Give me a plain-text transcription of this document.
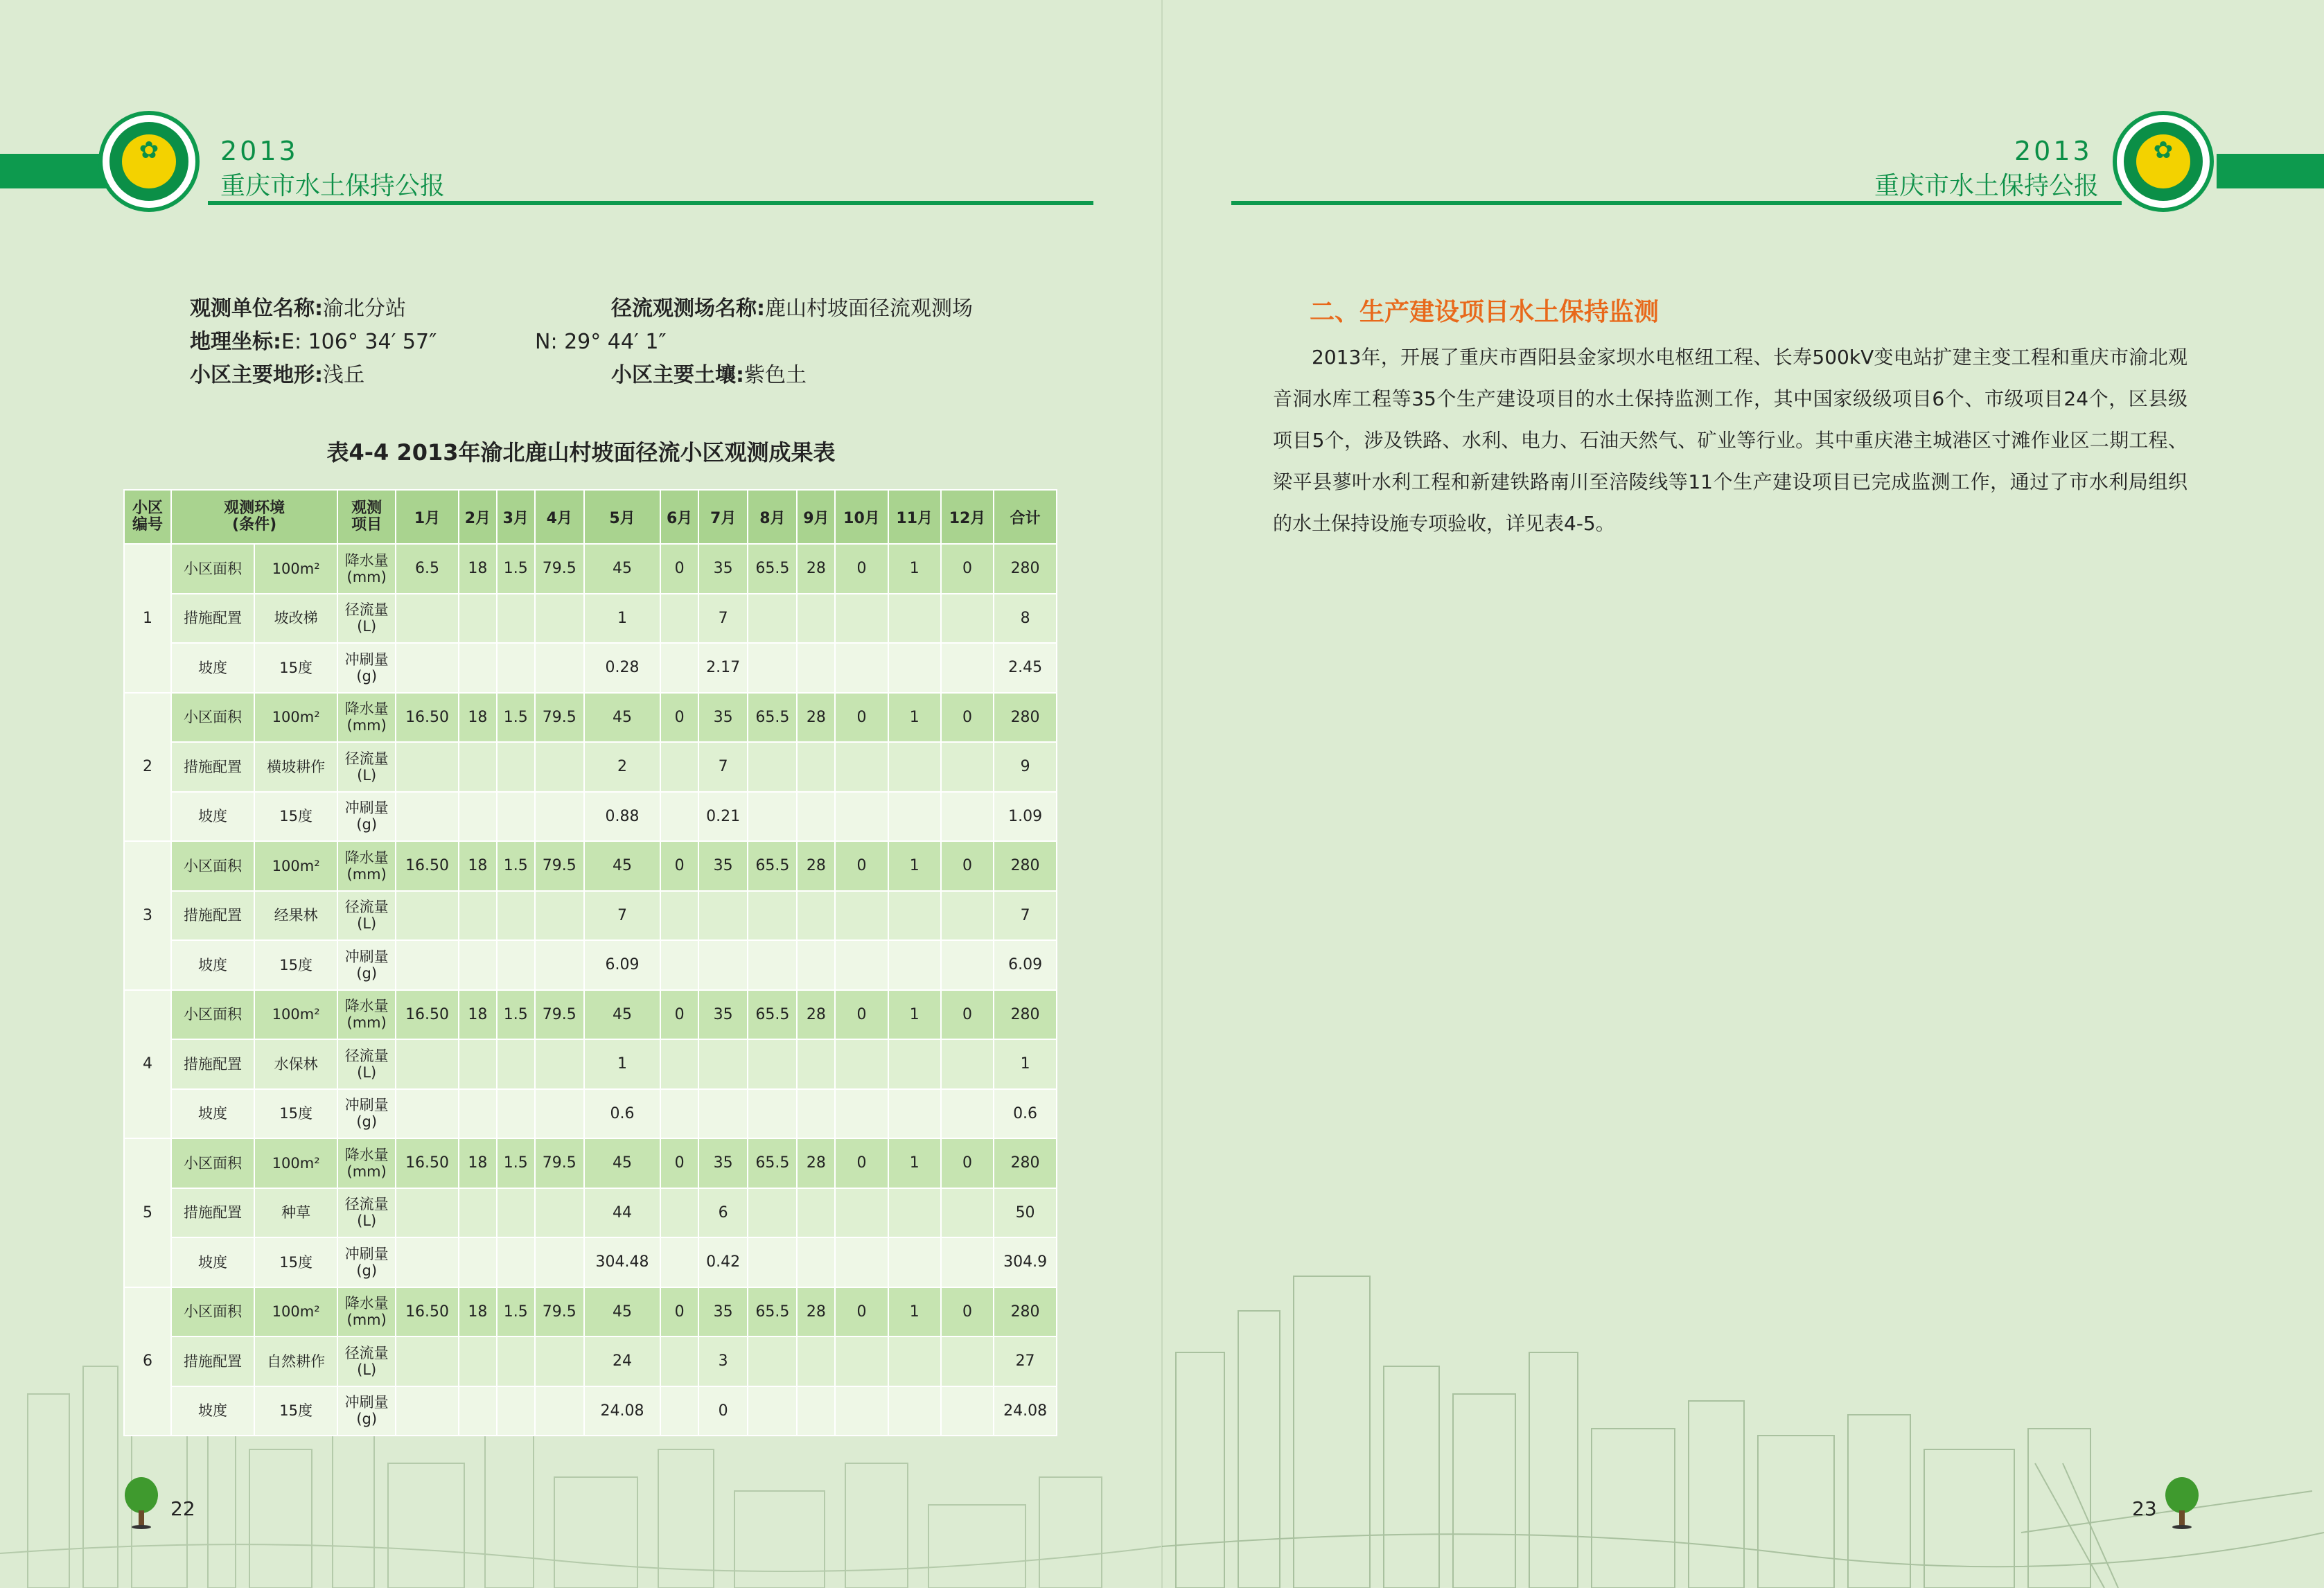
✿ 2013
重庆市水土保持公报
观测单位名称:渝北分站	径流观测场名称:鹿山村坡面径流观测场
地理坐标:E: 106° 34′ 57″	N: 29° 44′ 1″
小区主要地形:浅丘	小区主要土壤:紫色土
表4-4 2013年渝北鹿山村坡面径流小区观测成果表
小区
编号	观测环境
(条件)		观测
项目	1月	2月	3月	4月	5月	6月	7月	8月	9月	10月	11月	12月	合计
1	小区面积	100m²	降水量(mm)	6.5	18	1.5	79.5	45	0	35	65.5	28	0	1	0	280
	措施配置	坡改梯	径流量(L)					1		7						8
	坡度	15度	冲刷量(g)					0.28		2.17						2.45
2	小区面积	100m²	降水量(mm)	16.50	18	1.5	79.5	45	0	35	65.5	28	0	1	0	280
	措施配置	横坡耕作	径流量(L)					2		7						9
	坡度	15度	冲刷量(g)					0.88		0.21						1.09
3	小区面积	100m²	降水量(mm)	16.50	18	1.5	79.5	45	0	35	65.5	28	0	1	0	280
	措施配置	经果林	径流量(L)					7								7
	坡度	15度	冲刷量(g)					6.09								6.09
4	小区面积	100m²	降水量(mm)	16.50	18	1.5	79.5	45	0	35	65.5	28	0	1	0	280
	措施配置	水保林	径流量(L)					1								1
	坡度	15度	冲刷量(g)					0.6								0.6
5	小区面积	100m²	降水量(mm)	16.50	18	1.5	79.5	45	0	35	65.5	28	0	1	0	280
	措施配置	种草	径流量(L)					44		6						50
	坡度	15度	冲刷量(g)					304.48		0.42						304.9
6	小区面积	100m²	降水量(mm)	16.50	18	1.5	79.5	45	0	35	65.5	28	0	1	0	280
	措施配置	自然耕作	径流量(L)					24		3						27
	坡度	15度	冲刷量(g)					24.08		0						24.08
22
✿
2013
重庆市水土保持公报
二、生产建设项目水土保持监测
2013年，开展了重庆市酉阳县金家坝水电枢纽工程、长寿500kV变电站扩建主变工程和重庆市渝北观音洞水库工程等35个生产建设项目的水土保持监测工作，其中国家级级项目6个、市级项目24个，区县级项目5个，涉及铁路、水利、电力、石油天然气、矿业等行业。其中重庆港主城港区寸滩作业区二期工程、梁平县蓼叶水利工程和新建铁路南川至涪陵线等11个生产建设项目已完成监测工作，通过了市水利局组织的水土保持设施专项验收，详见表4-5。
23
